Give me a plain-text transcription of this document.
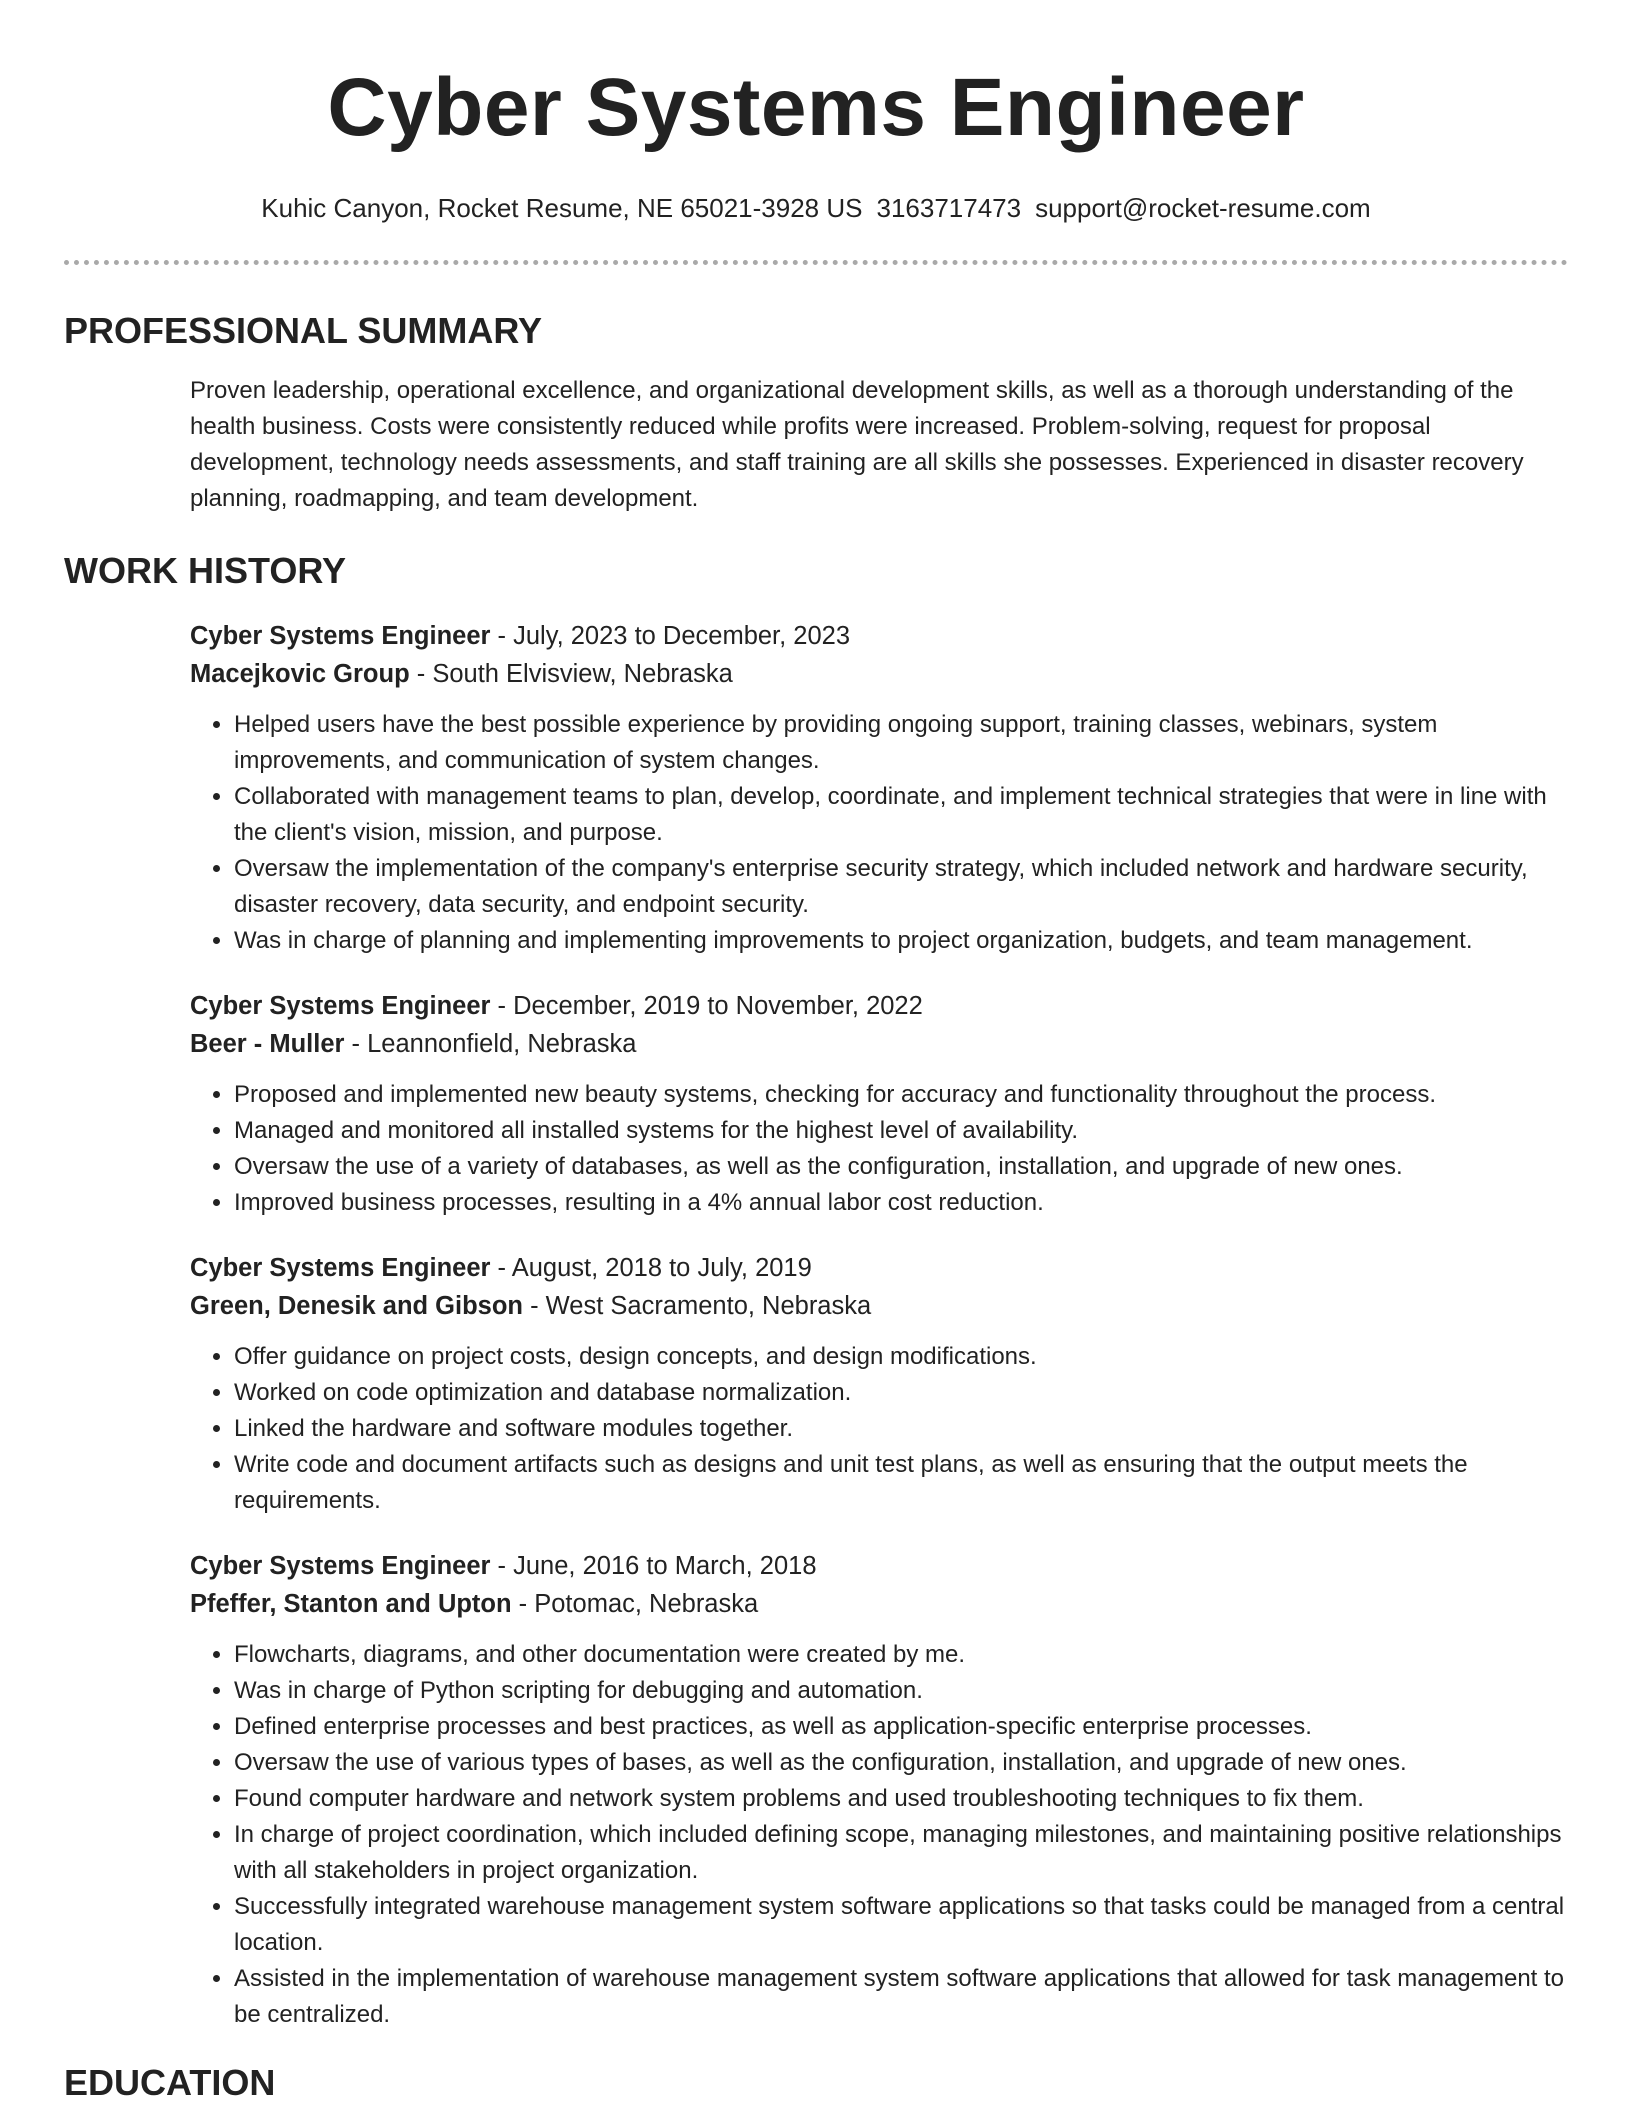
Cyber Systems Engineer
Kuhic Canyon, Rocket Resume, NE 65021-3928 US 3163717473 support@rocket-resume.com
PROFESSIONAL SUMMARY

Proven leadership, operational excellence, and organizational development skills, as well as a thorough understanding of the health business. Costs were consistently reduced while profits were increased. Problem-solving, request for proposal development, technology needs assessments, and staff training are all skills she possesses. Experienced in disaster recovery planning, roadmapping, and team development.

WORK HISTORY
Cyber Systems Engineer - July, 2023 to December, 2023
Macejkovic Group - South Elvisview, Nebraska
• Helped users have the best possible experience by providing ongoing support, training classes, webinars, system improvements, and communication of system changes.
• Collaborated with management teams to plan, develop, coordinate, and implement technical strategies that were in line with the client's vision, mission, and purpose.
• Oversaw the implementation of the company's enterprise security strategy, which included network and hardware security, disaster recovery, data security, and endpoint security.
• Was in charge of planning and implementing improvements to project organization, budgets, and team management.
Cyber Systems Engineer - December, 2019 to November, 2022
Beer - Muller - Leannonfield, Nebraska
• Proposed and implemented new beauty systems, checking for accuracy and functionality throughout the process.
• Managed and monitored all installed systems for the highest level of availability.
• Oversaw the use of a variety of databases, as well as the configuration, installation, and upgrade of new ones.
• Improved business processes, resulting in a 4% annual labor cost reduction.
Cyber Systems Engineer - August, 2018 to July, 2019
Green, Denesik and Gibson - West Sacramento, Nebraska
• Offer guidance on project costs, design concepts, and design modifications.
• Worked on code optimization and database normalization.
• Linked the hardware and software modules together.
• Write code and document artifacts such as designs and unit test plans, as well as ensuring that the output meets the requirements.
Cyber Systems Engineer - June, 2016 to March, 2018
Pfeffer, Stanton and Upton - Potomac, Nebraska
• Flowcharts, diagrams, and other documentation were created by me.
• Was in charge of Python scripting for debugging and automation.
• Defined enterprise processes and best practices, as well as application-specific enterprise processes.
• Oversaw the use of various types of bases, as well as the configuration, installation, and upgrade of new ones.
• Found computer hardware and network system problems and used troubleshooting techniques to fix them.
• In charge of project coordination, which included defining scope, managing milestones, and maintaining positive relationships with all stakeholders in project organization.
• Successfully integrated warehouse management system software applications so that tasks could be managed from a central location.
• Assisted in the implementation of warehouse management system software applications that allowed for task management to be centralized.
EDUCATION
